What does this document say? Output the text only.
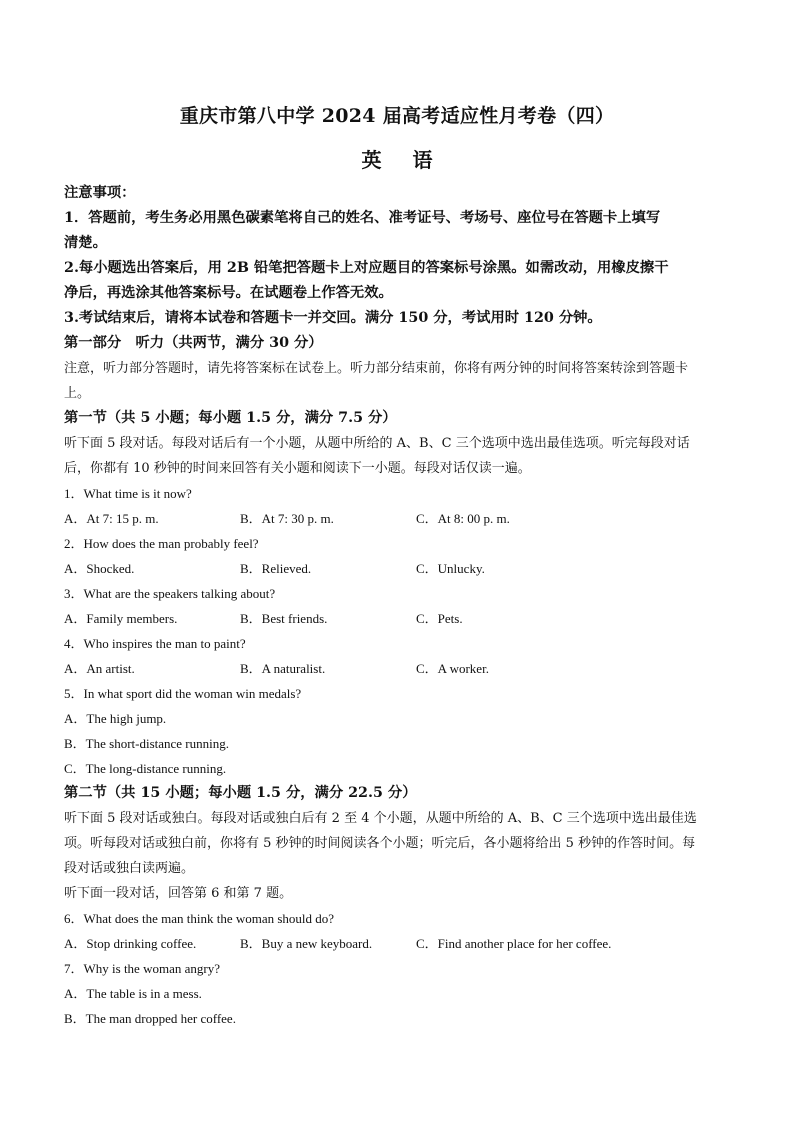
重庆市第八中学 2024 届高考适应性月考卷（四）
英 语
注意事项：
1．答题前，考生务必用黑色碳素笔将自己的姓名、准考证号、考场号、座位号在答题卡上填写
清楚。
2.每小题选出答案后，用 2B 铅笔把答题卡上对应题目的答案标号涂黑。如需改动，用橡皮擦干
净后，再选涂其他答案标号。在试题卷上作答无效。
3.考试结束后，请将本试卷和答题卡一并交回。满分 150 分，考试用时 120 分钟。
第一部分　听力（共两节，满分 30 分）
注意，听力部分答题时，请先将答案标在试卷上。听力部分结束前，你将有两分钟的时间将答案转涂到答题卡
上。
第一节（共 5 小题；每小题 1.5 分，满分 7.5 分）
听下面 5 段对话。每段对话后有一个小题，从题中所给的 A、B、C 三个选项中选出最佳选项。听完每段对话
后，你都有 10 秒钟的时间来回答有关小题和阅读下一小题。每段对话仅读一遍。
1．What time is it now?
A．At 7: 15 p. m.	B．At 7: 30 p. m.	C．At 8: 00 p. m.
2．How does the man probably feel?
A．Shocked.	B．Relieved.	C．Unlucky.
3．What are the speakers talking about?
A．Family members.	B．Best friends.	C．Pets.
4．Who inspires the man to paint?
A．An artist.	B．A naturalist.	C．A worker.
5．In what sport did the woman win medals?
A．The high jump.
B．The short-distance running.
C．The long-distance running.
第二节（共 15 小题；每小题 1.5 分，满分 22.5 分）
听下面 5 段对话或独白。每段对话或独白后有 2 至 4 个小题，从题中所给的 A、B、C 三个选项中选出最佳选
项。听每段对话或独白前，你将有 5 秒钟的时间阅读各个小题；听完后，各小题将给出 5 秒钟的作答时间。每
段对话或独白读两遍。
听下面一段对话，回答第 6 和第 7 题。
6．What does the man think the woman should do?
A．Stop drinking coffee.	B．Buy a new keyboard.	C．Find another place for her coffee.
7．Why is the woman angry?
A．The table is in a mess.
B．The man dropped her coffee.
